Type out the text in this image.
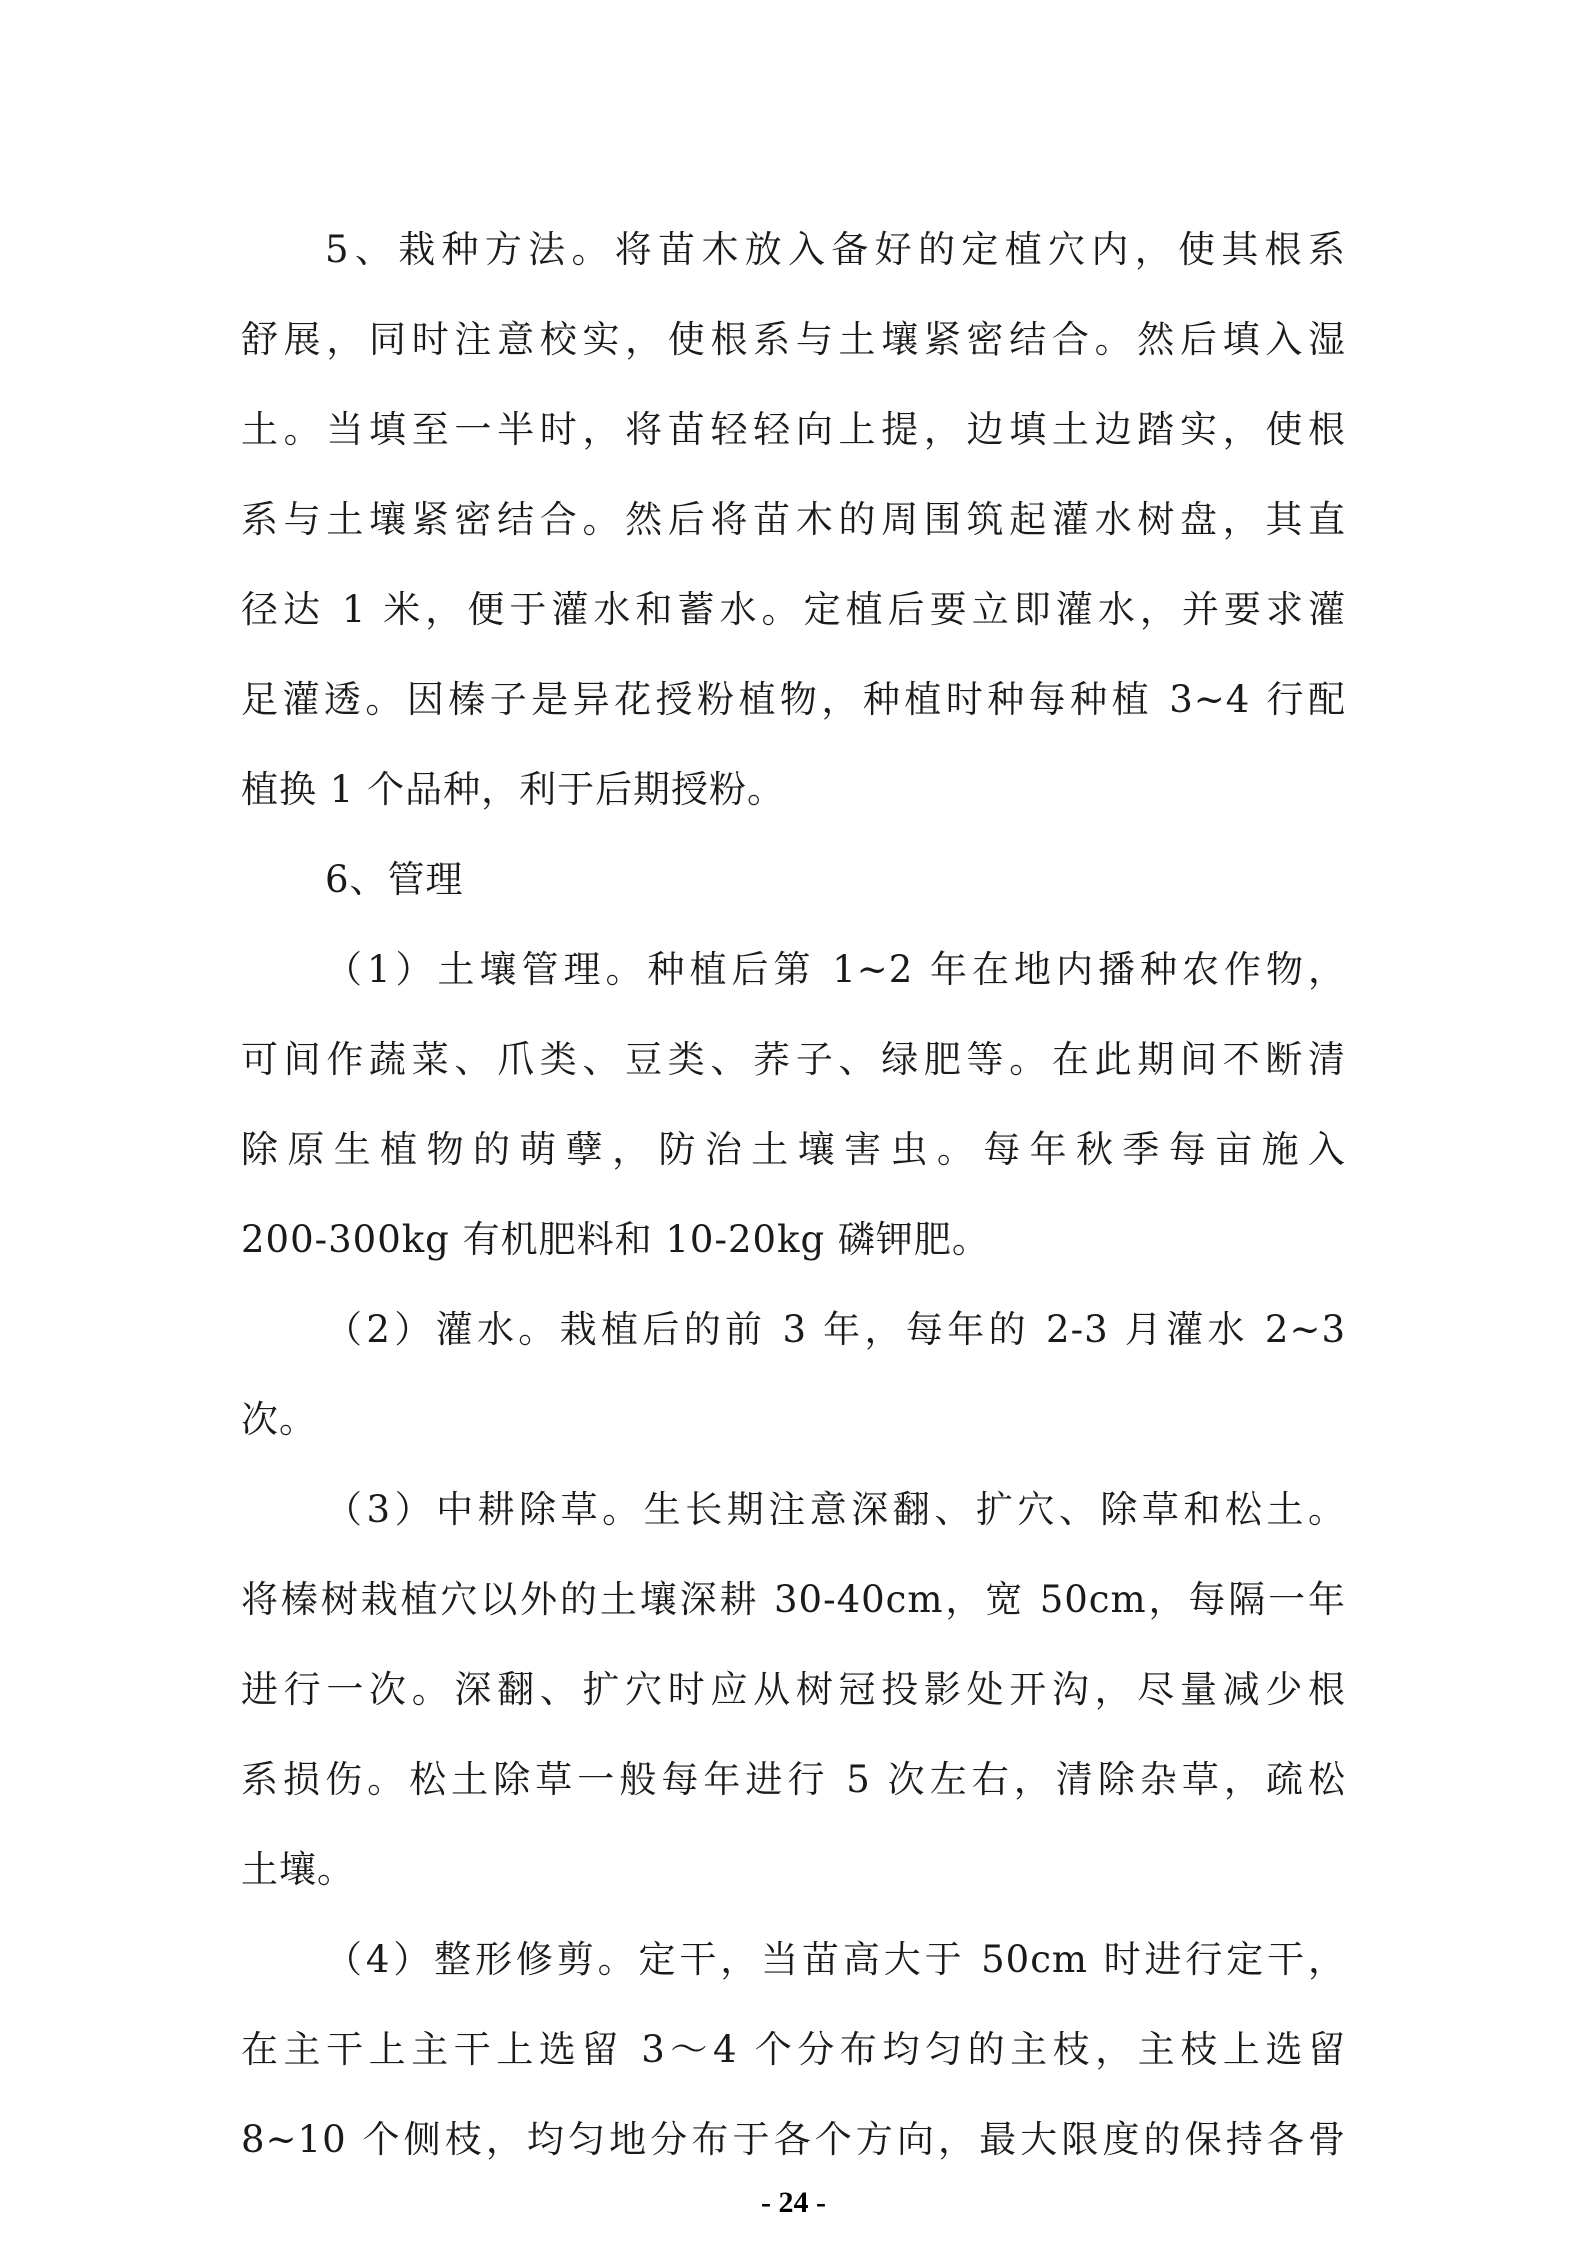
5、栽种方法。将苗木放入备好的定植穴内，使其根系
舒展，同时注意校实，使根系与土壤紧密结合。然后填入湿
土。当填至一半时，将苗轻轻向上提，边填土边踏实，使根
系与土壤紧密结合。然后将苗木的周围筑起灌水树盘，其直
径达 1 米，便于灌水和蓄水。定植后要立即灌水，并要求灌
足灌透。因榛子是异花授粉植物，种植时种每种植 3~4 行配
植换 1 个品种，利于后期授粉。
6、管理
（1）土壤管理。种植后第 1~2 年在地内播种农作物，
可间作蔬菜、爪类、豆类、荞子、绿肥等。在此期间不断清
除原生植物的萌孽，防治土壤害虫。每年秋季每亩施入
200-300kg 有机肥料和 10-20kg 磷钾肥。
（2）灌水。栽植后的前 3 年，每年的 2-3 月灌水 2~3
次。
（3）中耕除草。生长期注意深翻、扩穴、除草和松土。
将榛树栽植穴以外的土壤深耕 30-40cm，宽 50cm，每隔一年
进行一次。深翻、扩穴时应从树冠投影处开沟，尽量减少根
系损伤。松土除草一般每年进行 5 次左右，清除杂草，疏松
土壤。
（4）整形修剪。定干，当苗高大于 50cm 时进行定干，
在主干上主干上选留 3～4 个分布均匀的主枝，主枝上选留
8~10 个侧枝，均匀地分布于各个方向，最大限度的保持各骨
- 24 -
